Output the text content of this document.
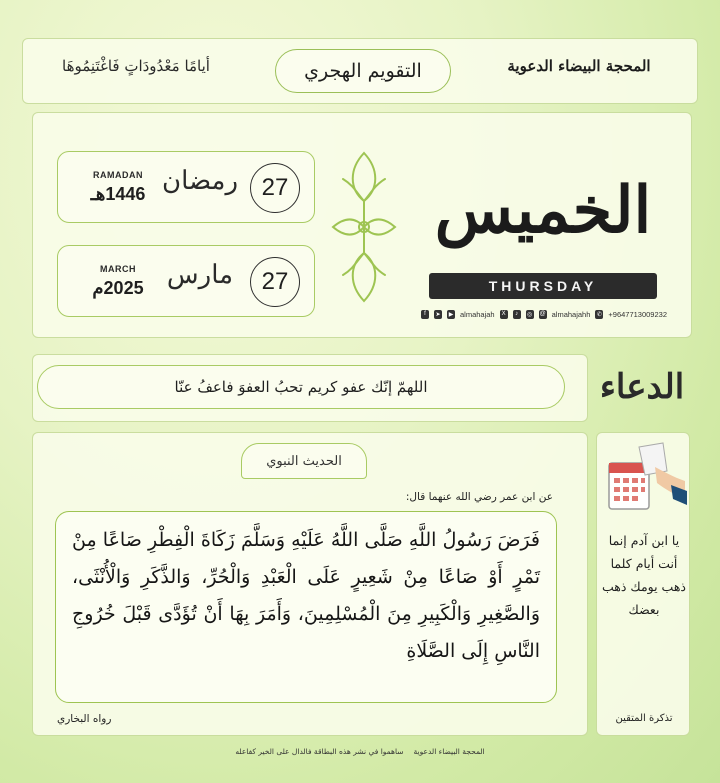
أيامًا مَعْدُودَاتٍ فَاغْتَنِمُوهَا	التقويم الهجري	المحجة البيضاء الدعوية
RAMADAN
1446هـ رمضان 27
MARCH
2025م مارس	27
الخميس
THURSDAY
f	➤ ▶ almahajah	X	♪	◎ @ almahajahh ✆ +9647713009232
اللهمّ إنّك عفو كريم تحبُ العفوَ فاعفُ عنّا	الدعاء
الحديث النبوي
عن ابن عمر رضي الله عنهما قال:
فَرَضَ رَسُولُ اللَّهِ صَلَّى اللَّهُ عَلَيْهِ وَسَلَّمَ زَكَاةَ الْفِطْرِ صَاعًا مِنْ تَمْرٍ أَوْ صَاعًا مِنْ شَعِيرٍ عَلَى الْعَبْدِ وَالْحُرِّ، وَالذَّكَرِ وَالْأُنْثَى، وَالصَّغِيرِ وَالْكَبِيرِ مِنَ الْمُسْلِمِينَ، وَأَمَرَ بِهَا أَنْ تُؤَدَّى قَبْلَ خُرُوجِ النَّاسِ إِلَى الصَّلَاةِ
رواه البخاري
يا ابن آدم إنما أنت أيام كلما ذهب يومك ذهب بعضك
تذكرة المتقين
المحجة البيضاء الدعوية
ساهموا في نشر هذه البطاقة فالدال على الخير كفاعله
